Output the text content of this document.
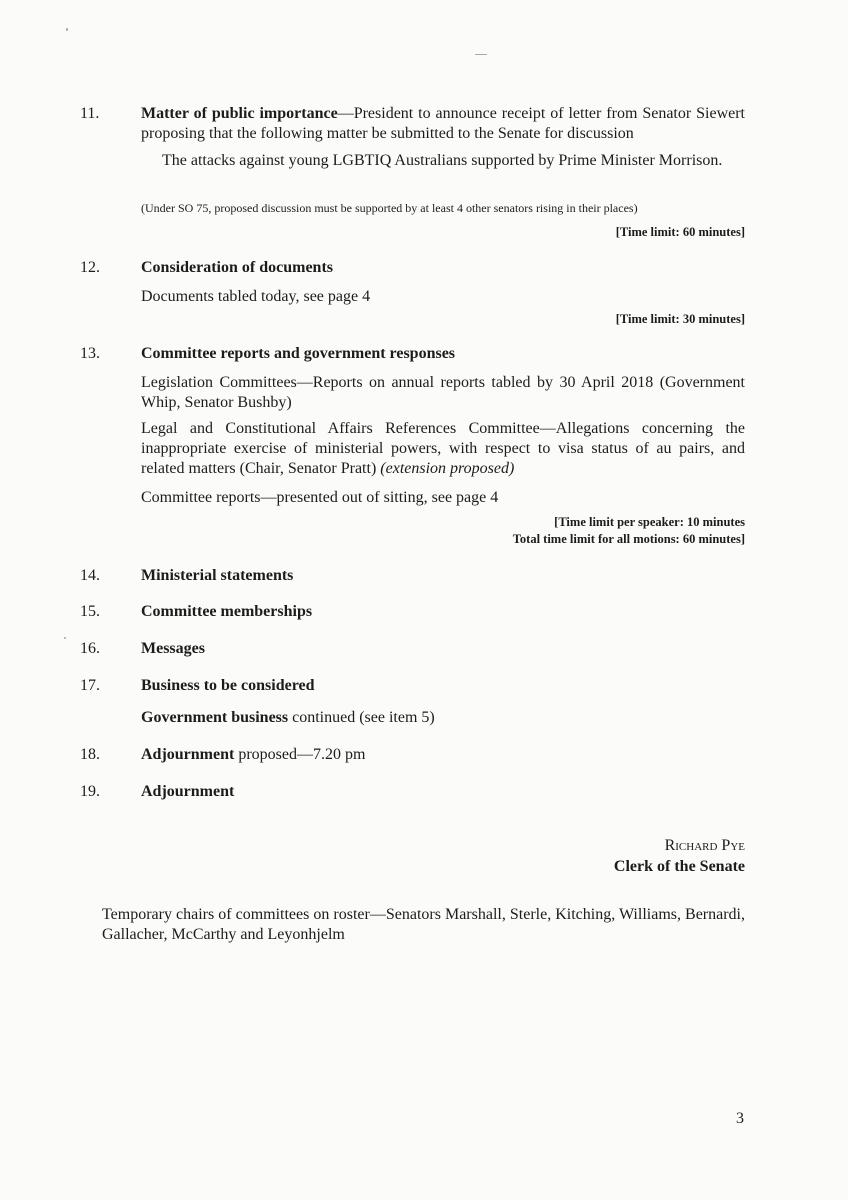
11.	Matter of public importance—President to announce receipt of letter from Senator Siewert proposing that the following matter be submitted to the Senate for discussion
The attacks against young LGBTIQ Australians supported by Prime Minister Morrison.
(Under SO 75, proposed discussion must be supported by at least 4 other senators rising in their places)
[Time limit: 60 minutes]
12.	Consideration of documents
Documents tabled today, see page 4
[Time limit: 30 minutes]
13.	Committee reports and government responses
Legislation Committees—Reports on annual reports tabled by 30 April 2018 (Government Whip, Senator Bushby)
Legal and Constitutional Affairs References Committee—Allegations concerning the inappropriate exercise of ministerial powers, with respect to visa status of au pairs, and related matters (Chair, Senator Pratt) (extension proposed)
Committee reports—presented out of sitting, see page 4
[Time limit per speaker: 10 minutes
Total time limit for all motions: 60 minutes]
14.	Ministerial statements
15.	Committee memberships
16.	Messages
17.	Business to be considered
Government business continued (see item 5)
18.	Adjournment proposed—7.20 pm
19.	Adjournment
Richard Pye
Clerk of the Senate
Temporary chairs of committees on roster—Senators Marshall, Sterle, Kitching, Williams, Bernardi, Gallacher, McCarthy and Leyonhjelm
3
